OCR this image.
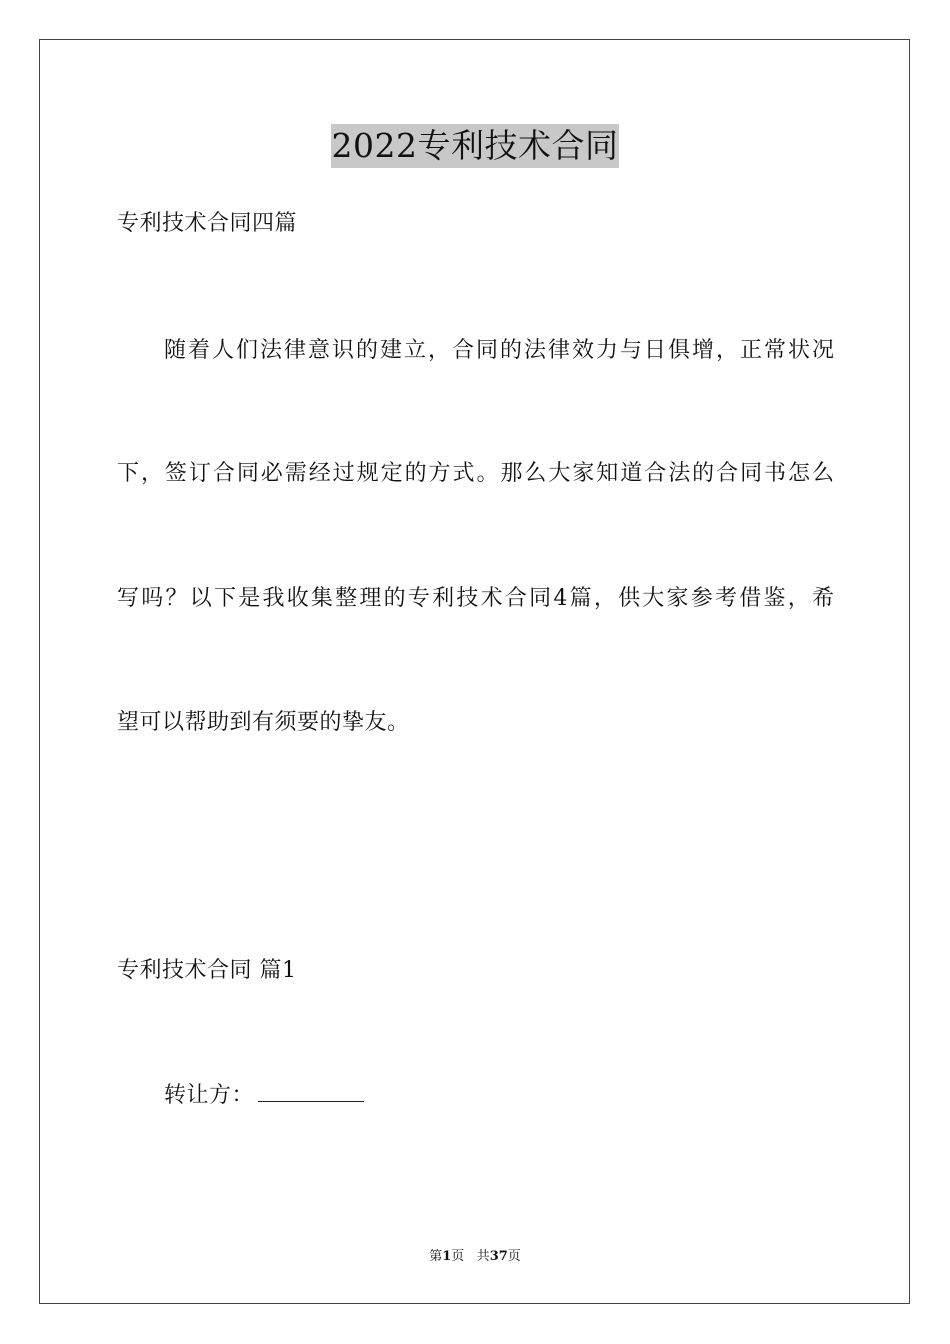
2022专利技术合同
专利技术合同四篇
随着人们法律意识的建立，合同的法律效力与日俱增，正常状况
下，签订合同必需经过规定的方式。那么大家知道合法的合同书怎么
写吗？以下是我收集整理的专利技术合同4篇，供大家参考借鉴，希
望可以帮助到有须要的挚友。
专利技术合同 篇1
转让方：
第1页 共37页
